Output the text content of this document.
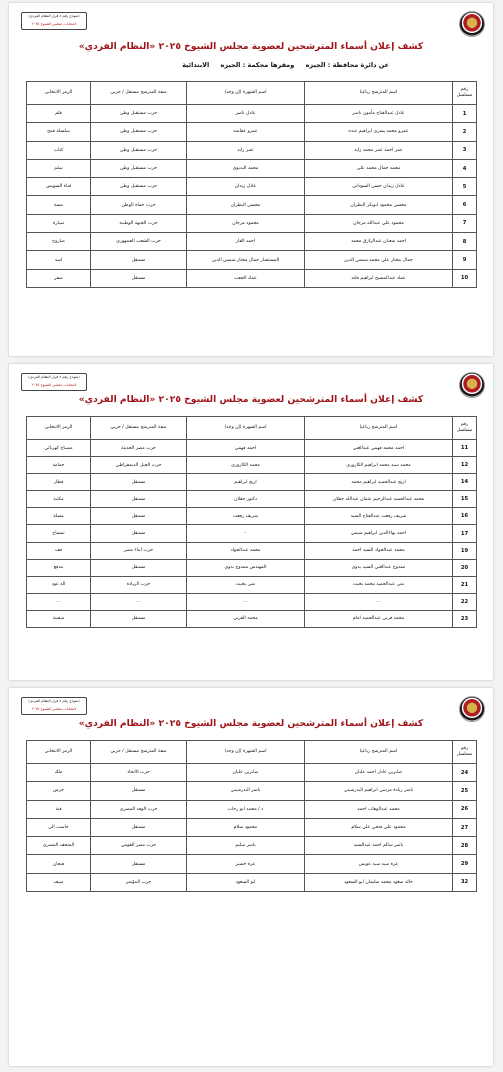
(نموذج رقم ٨ قرار النظام الفردي)
لانتخابات مجلس الشيوخ ٢٠٢٥
كشف إعلان أسماء المترشحين لعضوية مجلس الشيوخ ٢٠٢٥ «النظام الفردي»
عن دائرة محافظة : الجيزه ومقرها محكمة : الجيزه الابتدائية
رقم مسلسل	اسم المترشح رباعيا	اسم الشهرة (إن وجد)	صفة المترشح مستقل / حزبي	الرمز الانتخابي
1	عادل عبدالفتاح مأمون ناصر	عادل ناصر	حزب مستقبل وطن	قلم
2	عمرو محمد يسري ابراهيم عبده	عمرو عقاشه	حزب مستقبل وطن	سلسلة قمح
3	عمر احمد عمر محمد زايد	عمر زايد	حزب مستقبل وطن	كتاب
4	محمد جمال محمد علي	محمد البديوي	حزب مستقبل وطن	سلم
5	عادل زيدان حسن السوداني	عادل زيدان	حزب مستقبل وطن	قناة السويس
6	محسن محمود ابوبكر البطران	محسن البطران	حزب حماة الوطن	مسة
7	محمود علي عبدالله مرجان	محمود مرجان	حزب الجبهة الوطنية	سيارة
8	احمد شعبان عبدالرازق محمد	احمد القار	حزب الشعب الجمهوري	صاروخ
9	جمال مختار علي محمد شمس الدين	المستشار جمال مختار شمس الدين	مستقل	اسد
10	عماد عبدالمسيح ابراهيم فلته	عماد الجعب	مستقل	صقر
(نموذج رقم ٨ قرار النظام الفردي)
لانتخابات مجلس الشيوخ ٢٠٢٥
كشف إعلان أسماء المترشحين لعضوية مجلس الشيوخ ٢٠٢٥ «النظام الفردي»
رقم مسلسل	اسم المترشح رباعيا	اسم الشهرة (إن وجد)	صفة المترشح مستقل / حزبي	الرمز الانتخابي
11	احمد محمد فهمي عبدالغني	احمد فهمي	حزب مصر الحديثة	مصباح كهربائي
12	محمد سيد محمد ابراهيم الكاروري	محمد الكاروري	حزب الجيل الديمقراطي	حمامة
14	اريج عبدالحميد ابراهيم محمد	اريج ابراهيم	مستقل	قطار
15	محمد عبدالحميد عبدالرحيم عثمان عبدالله جقلان	دكتور جقلان	مستقل	مكتبة
16	شريف رفعت عبدالفتاح السيد	شريف رفعت	مستقل	مسلة
17	احمد بهاءالدين ابراهيم شيمي	-	مستقل	تمساح
19	محمد عبدالجواد السيد احمد	محمد عبدالجواد	حزب ابناء مصر	قف
20	ممدوح عبدالغني السيد بدوي	المهندس ممدوح بدوي	مستقل	مدفع
21	منى عبدالحميد محمد بخيت	منى بخيت	حزب الريادة	الة عود
22	...	...	...	...
23	محمد قرني عبدالحميد امام	محمد القرني	مستقل	سفينة
(نموذج رقم ٨ قرار النظام الفردي)
لانتخابات مجلس الشيوخ ٢٠٢٥
كشف إعلان أسماء المترشحين لعضوية مجلس الشيوخ ٢٠٢٥ «النظام الفردي»
رقم مسلسل	اسم المترشح رباعيا	اسم الشهرة (إن وجد)	صفة المترشح مستقل / حزبي	الرمز الانتخابي
24	صابرين عادل احمد عليان	صابرين عليان	حزب الاتحاد	ملك
25	ناصر زيادة مرسي ابراهيم البدرشيني	ناصر البدرشيني	مستقل	جرس
26	محمد عبدالوهاب احمد	د / محمد ابو رحاب	حزب الوفد المصري	قبة
27	محمود علي فتحي علي سلام	محمود سلام	مستقل	حاسب الي
28	ياسر سالم احمد عبدالسيد	ياسر سليم	حزب مصر القومي	المتحف المصري
29	عزة سيد سيد عويس	عزة خضير	مستقل	فنجان
32	خالد سعود محمد سليمان ابو السعود	ابو السعود	حزب المؤتمر	سيف
